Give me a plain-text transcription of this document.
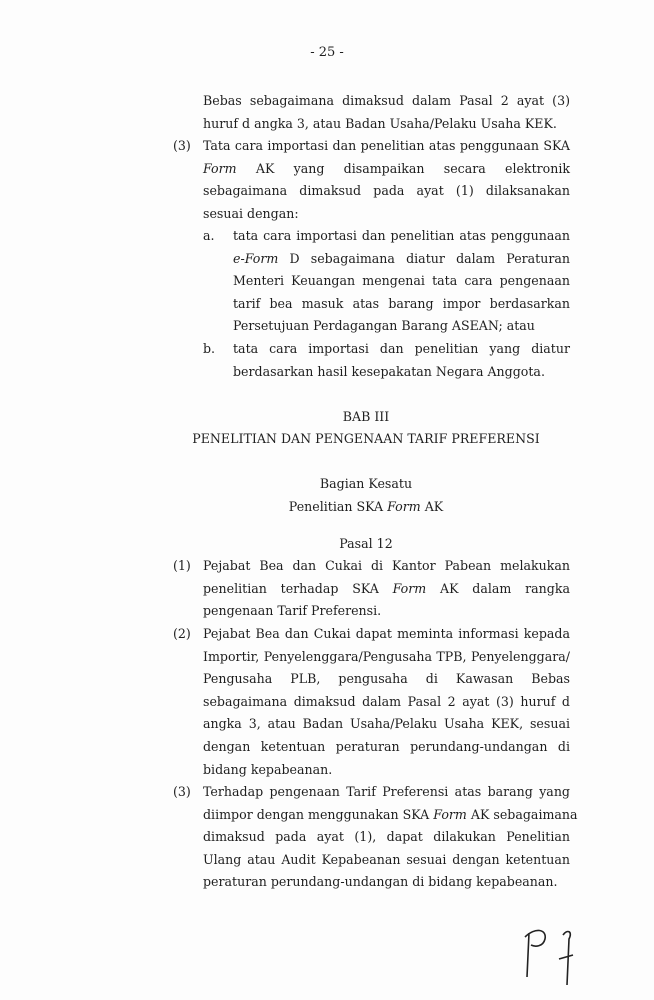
- 25 -
Bebas sebagaimana dimaksud dalam Pasal 2 ayat (3)
huruf d angka 3, atau Badan Usaha/Pelaku Usaha KEK.
(3) Tata cara importasi dan penelitian atas penggunaan SKA
Form AK yang disampaikan secara elektronik
sebagaimana dimaksud pada ayat (1) dilaksanakan
sesuai dengan:
a. tata cara importasi dan penelitian atas penggunaan
e-Form D sebagaimana diatur dalam Peraturan
Menteri Keuangan mengenai tata cara pengenaan
tarif bea masuk atas barang impor berdasarkan
Persetujuan Perdagangan Barang ASEAN; atau
b. tata cara importasi dan penelitian yang diatur
berdasarkan hasil kesepakatan Negara Anggota.
BAB III
PENELITIAN DAN PENGENAAN TARIF PREFERENSI
Bagian Kesatu
Penelitian SKA Form AK
Pasal 12
(1) Pejabat Bea dan Cukai di Kantor Pabean melakukan
penelitian terhadap SKA Form AK dalam rangka
pengenaan Tarif Preferensi.
(2) Pejabat Bea dan Cukai dapat meminta informasi kepada
Importir, Penyelenggara/Pengusaha TPB, Penyelenggara/
Pengusaha PLB, pengusaha di Kawasan Bebas
sebagaimana dimaksud dalam Pasal 2 ayat (3) huruf d
angka 3, atau Badan Usaha/Pelaku Usaha KEK, sesuai
dengan ketentuan peraturan perundang-undangan di
bidang kepabeanan.
(3) Terhadap pengenaan Tarif Preferensi atas barang yang
diimpor dengan menggunakan SKA Form AK sebagaimana
dimaksud pada ayat (1), dapat dilakukan Penelitian
Ulang atau Audit Kepabeanan sesuai dengan ketentuan
peraturan perundang-undangan di bidang kepabeanan.
